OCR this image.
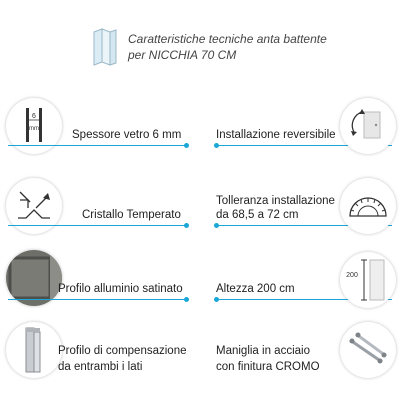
Caratteristiche tecniche anta battente
per NICCHIA 70 CM
6
mm	Spessore vetro 6 mm	Installazione reversibile
Cristallo Temperato
Tolleranza installazione
da 68,5 a 72 cm
Profilo alluminio satinato	Altezza 200 cm
200
Profilo di compensazione
da entrambi i lati
Maniglia in acciaio
con finitura CROMO
